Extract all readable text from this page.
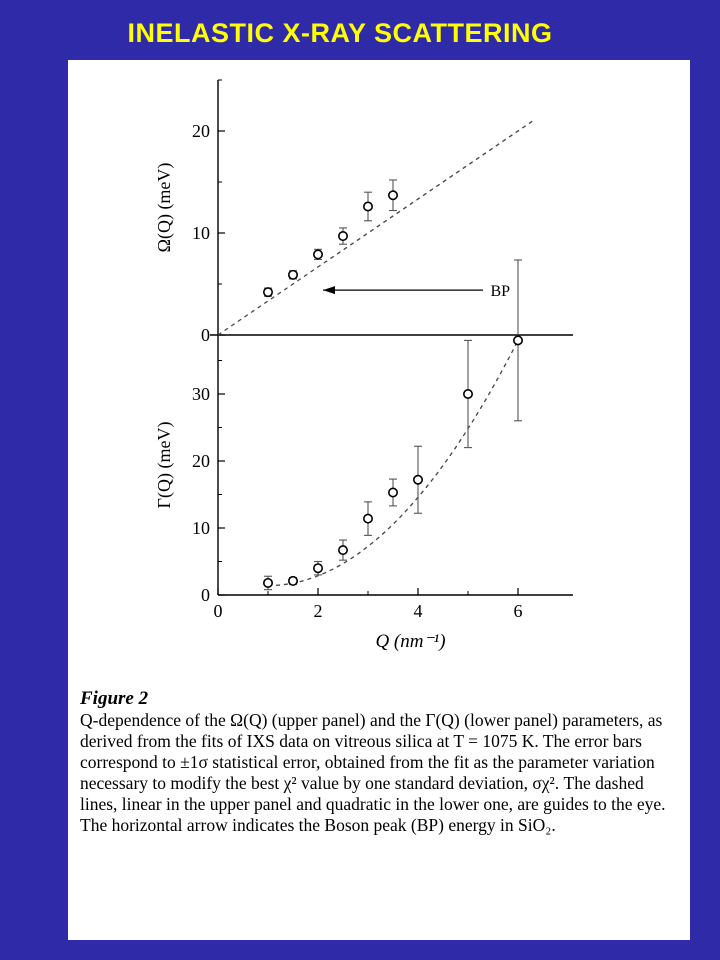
INELASTIC X-RAY SCATTERING
0
10
20
Ω(Q) (meV)
BP
0
10
20
30
Γ(Q) (meV)
0	2	4	6
Q (nm⁻¹)
Figure 2

Q-dependence of the Ω(Q) (upper panel) and the Γ(Q) (lower panel) parameters, as derived from the fits of IXS data on vitreous silica at T = 1075 K. The error bars correspond to ±1σ statistical error, obtained from the fit as the parameter variation necessary to modify the best χ² value by one standard deviation, σχ². The dashed lines, linear in the upper panel and quadratic in the lower one, are guides to the eye. The horizontal arrow indicates the Boson peak (BP) energy in SiO₂.
